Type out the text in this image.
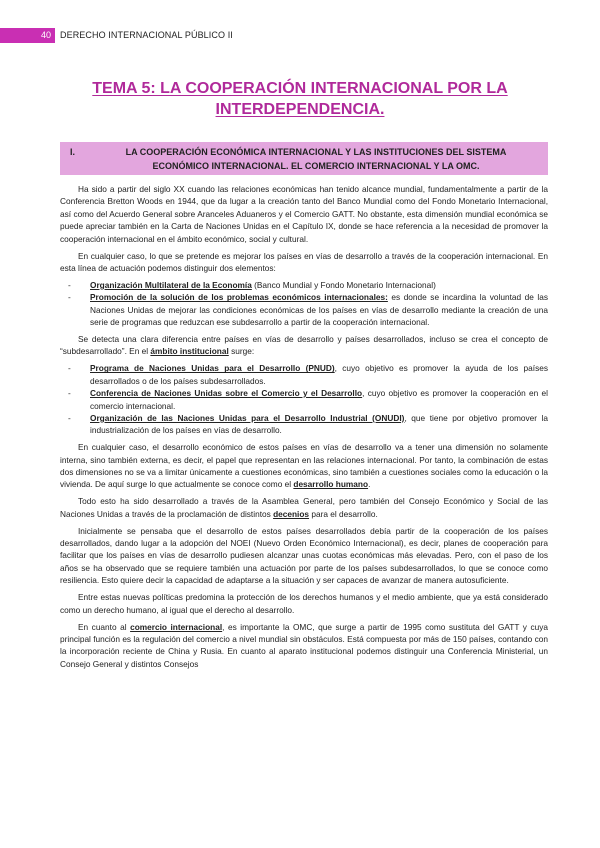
40	DERECHO INTERNACIONAL PÚBLICO II
TEMA 5: LA COOPERACIÓN INTERNACIONAL POR LA
INTERDEPENDENCIA.
I.	LA COOPERACIÓN ECONÓMICA INTERNACIONAL Y LAS INSTITUCIONES DEL SISTEMA
ECONÓMICO INTERNACIONAL. EL COMERCIO INTERNACIONAL Y LA OMC.

Ha sido a partir del siglo XX cuando las relaciones económicas han tenido alcance mundial, fundamentalmente a partir de la Conferencia Bretton Woods en 1944, que da lugar a la creación tanto del Banco Mundial como del Fondo Monetario Internacional, así como del Acuerdo General sobre Aranceles Aduaneros y el Comercio GATT. No obstante, esta dimensión mundial económica se puede apreciar también en la Carta de Naciones Unidas en el Capítulo IX, donde se hace referencia a la necesidad de promover la cooperación internacional en el ámbito económico, social y cultural.

En cualquier caso, lo que se pretende es mejorar los países en vías de desarrollo a través de la cooperación internacional. En esta línea de actuación podemos distinguir dos elementos:

- Organización Multilateral de la Economía (Banco Mundial y Fondo Monetario Internacional)
- Promoción de la solución de los problemas económicos internacionales: es donde se incardina la voluntad de las Naciones Unidas de mejorar las condiciones económicas de los países en vías de desarrollo mediante la creación de una serie de programas que reduzcan ese subdesarrollo a partir de la cooperación internacional.

Se detecta una clara diferencia entre países en vías de desarrollo y países desarrollados, incluso se crea el concepto de “subdesarrollado”. En el ámbito institucional surge:

- Programa de Naciones Unidas para el Desarrollo (PNUD), cuyo objetivo es promover la ayuda de los países desarrollados o de los países subdesarrollados.
- Conferencia de Naciones Unidas sobre el Comercio y el Desarrollo, cuyo objetivo es promover la cooperación en el comercio internacional.
- Organización de las Naciones Unidas para el Desarrollo Industrial (ONUDI), que tiene por objetivo promover la industrialización de los países en vías de desarrollo.

En cualquier caso, el desarrollo económico de estos países en vías de desarrollo va a tener una dimensión no solamente interna, sino también externa, es decir, el papel que representan en las relaciones internacional. Por tanto, la combinación de estas dos dimensiones no se va a limitar únicamente a cuestiones económicas, sino también a cuestiones sociales como la educación o la vivienda. De aquí surge lo que actualmente se conoce como el desarrollo humano.

Todo esto ha sido desarrollado a través de la Asamblea General, pero también del Consejo Económico y Social de las Naciones Unidas a través de la proclamación de distintos decenios para el desarrollo.

Inicialmente se pensaba que el desarrollo de estos países desarrollados debía partir de la cooperación de los países desarrollados, dando lugar a la adopción del NOEI (Nuevo Orden Económico Internacional), es decir, planes de cooperación para facilitar que los países en vías de desarrollo pudiesen alcanzar unas cuotas económicas más elevadas. Pero, con el paso de los años se ha observado que se requiere también una actuación por parte de los países subdesarrollados, lo que se conoce como resiliencia. Esto quiere decir la capacidad de adaptarse a la situación y ser capaces de avanzar de manera autosuficiente.

Entre estas nuevas políticas predomina la protección de los derechos humanos y el medio ambiente, que ya está considerado como un derecho humano, al igual que el derecho al desarrollo.

En cuanto al comercio internacional, es importante la OMC, que surge a partir de 1995 como sustituta del GATT y cuya principal función es la regulación del comercio a nivel mundial sin obstáculos. Está compuesta por más de 150 países, contando con la incorporación reciente de China y Rusia. En cuanto al aparato institucional podemos distinguir una Conferencia Ministerial, un Consejo General y distintos Consejos
